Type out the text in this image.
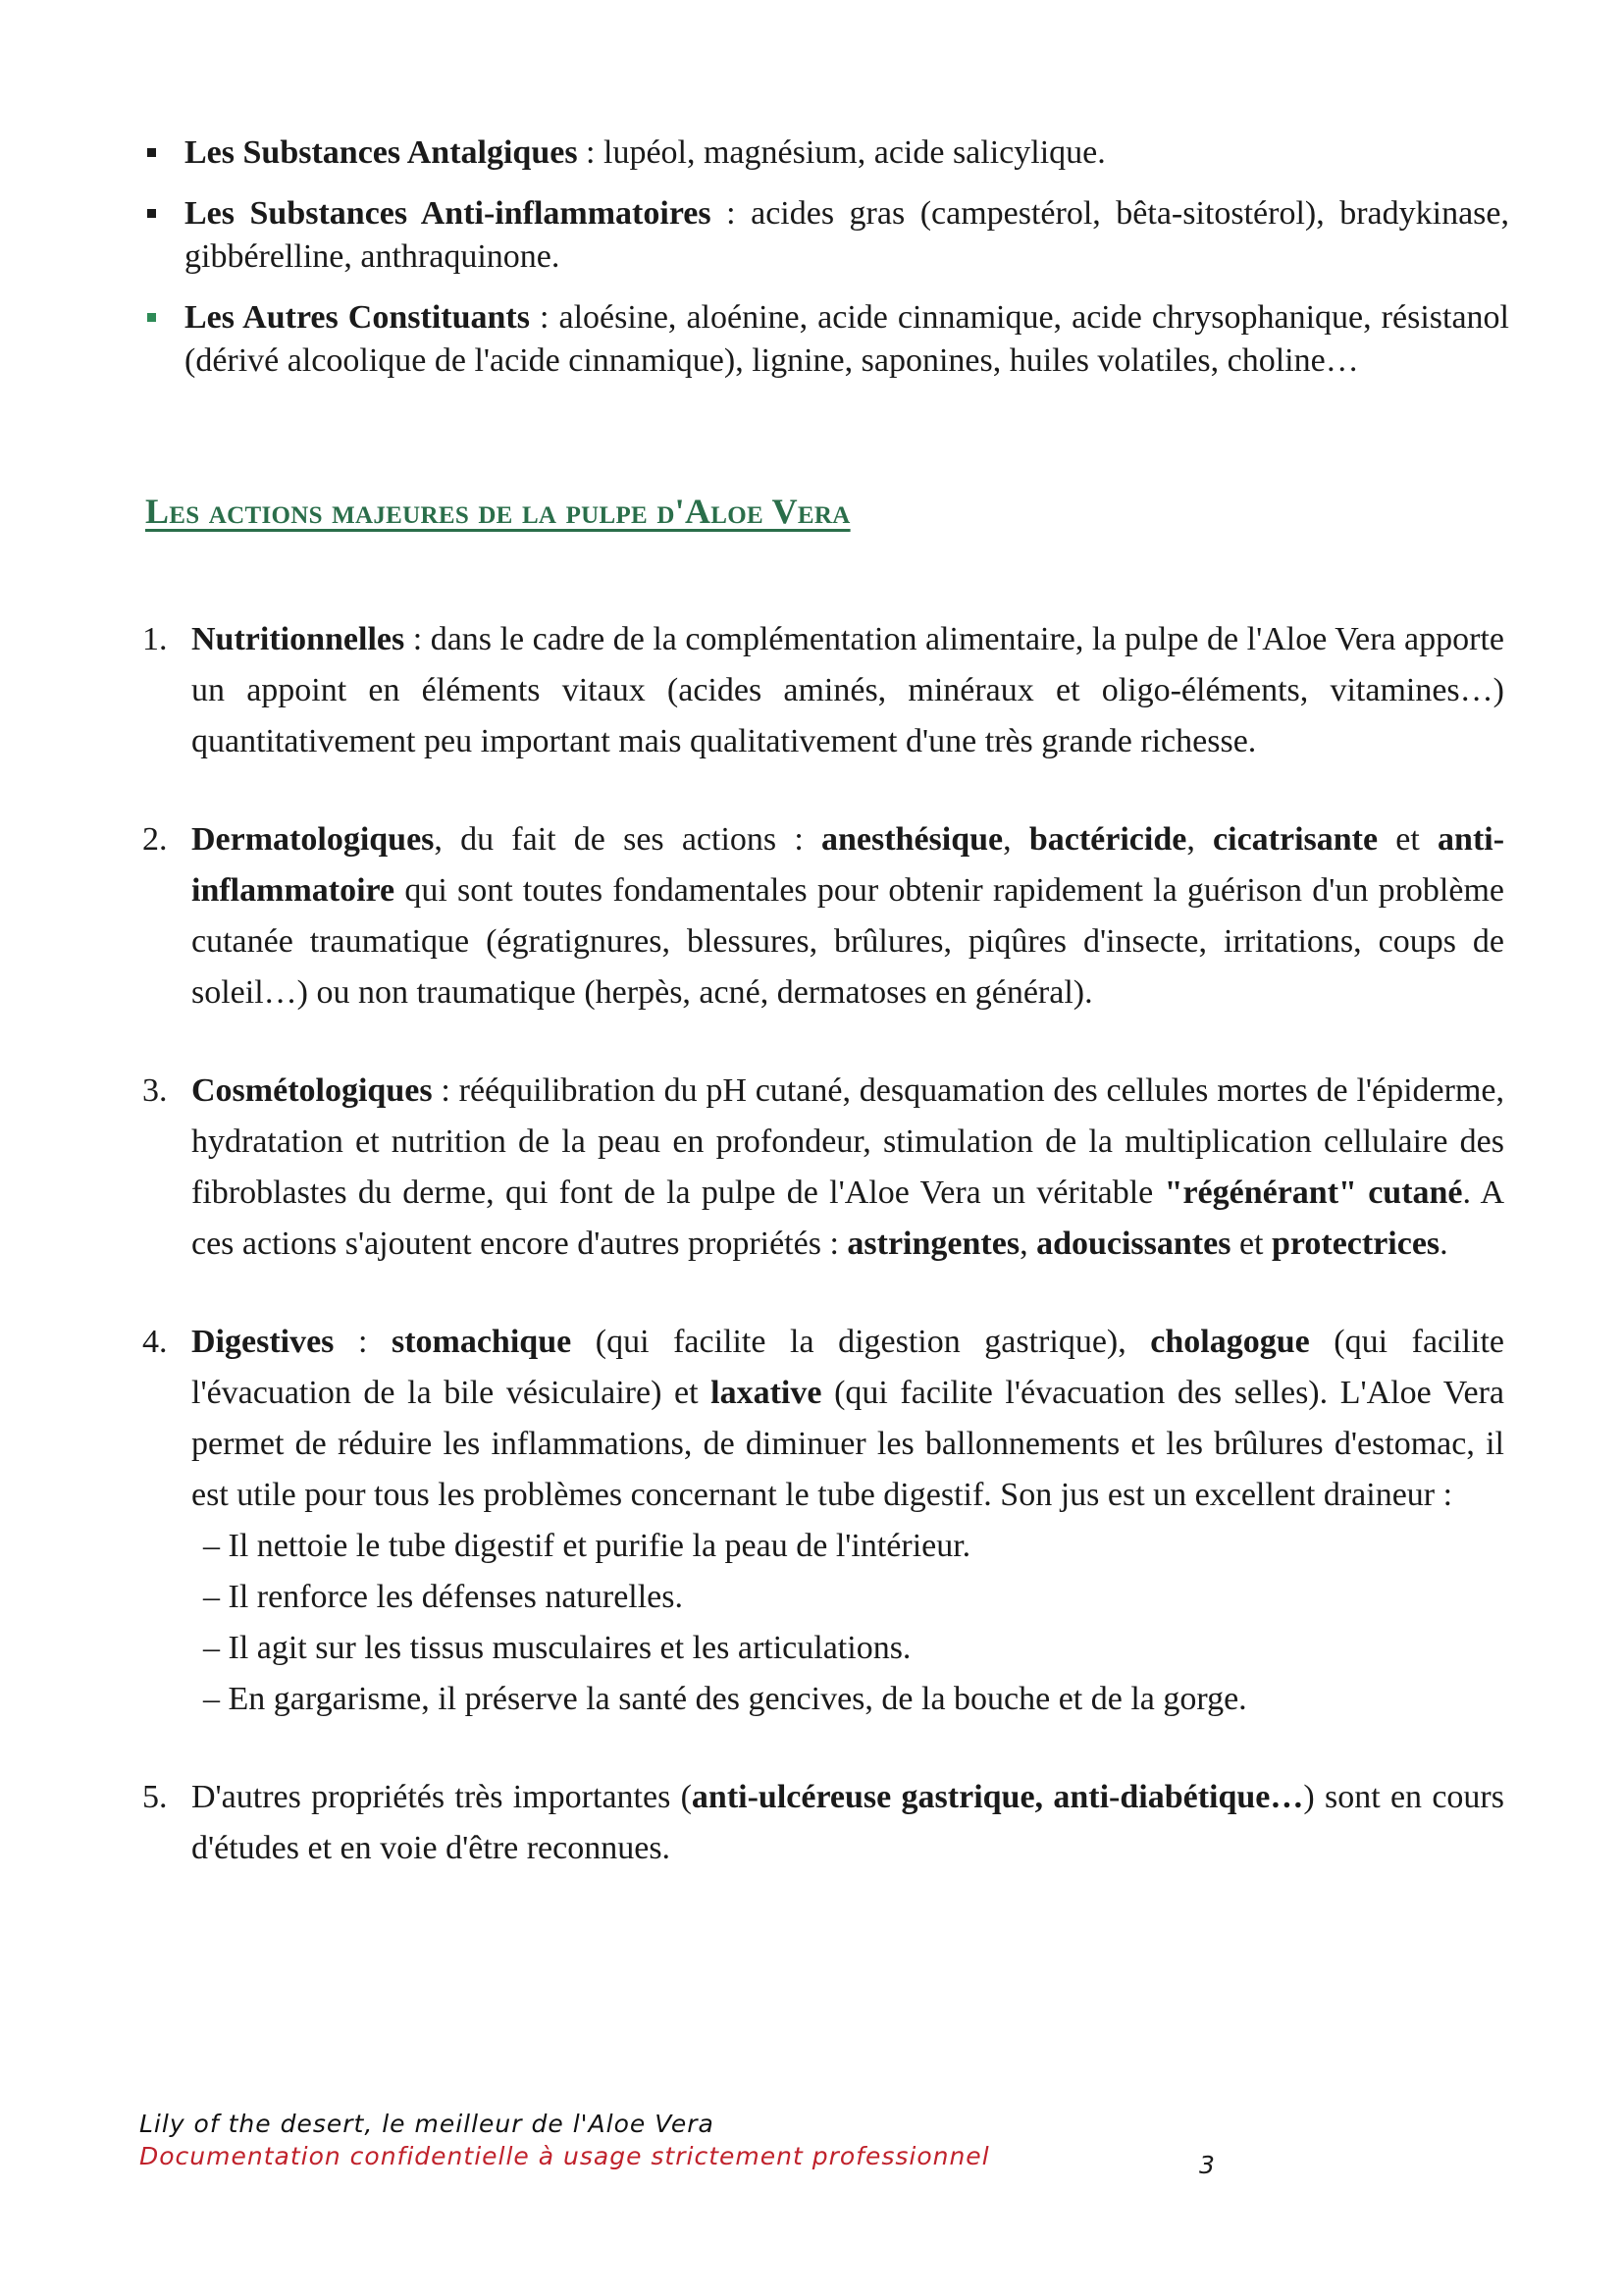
Les Substances Antalgiques : lupéol, magnésium, acide salicylique.
Les Substances Anti-inflammatoires : acides gras (campestérol, bêta-sitostérol), bradykinase, gibbérelline, anthraquinone.
Les Autres Constituants : aloésine, aloénine, acide cinnamique, acide chrysophanique, résistanol (dérivé alcoolique de l'acide cinnamique), lignine, saponines, huiles volatiles, choline…
Les actions majeures de la pulpe d'Aloe Vera
1. Nutritionnelles : dans le cadre de la complémentation alimentaire, la pulpe de l'Aloe Vera apporte un appoint en éléments vitaux (acides aminés, minéraux et oligo-éléments, vitamines…) quantitativement peu important mais qualitativement d'une très grande richesse.
2. Dermatologiques, du fait de ses actions : anesthésique, bactéricide, cicatrisante et anti-inflammatoire qui sont toutes fondamentales pour obtenir rapidement la guérison d'un problème cutanée traumatique (égratignures, blessures, brûlures, piqûres d'insecte, irritations, coups de soleil…) ou non traumatique (herpès, acné, dermatoses en général).
3. Cosmétologiques : rééquilibration du pH cutané, desquamation des cellules mortes de l'épiderme, hydratation et nutrition de la peau en profondeur, stimulation de la multiplication cellulaire des fibroblastes du derme, qui font de la pulpe de l'Aloe Vera un véritable "régénérant" cutané. A ces actions s'ajoutent encore d'autres propriétés : astringentes, adoucissantes et protectrices.
4. Digestives : stomachique (qui facilite la digestion gastrique), cholagogue (qui facilite l'évacuation de la bile vésiculaire) et laxative (qui facilite l'évacuation des selles). L'Aloe Vera permet de réduire les inflammations, de diminuer les ballonnements et les brûlures d'estomac, il est utile pour tous les problèmes concernant le tube digestif. Son jus est un excellent draineur :
– Il nettoie le tube digestif et purifie la peau de l'intérieur.
– Il renforce les défenses naturelles.
– Il agit sur les tissus musculaires et les articulations.
– En gargarisme, il préserve la santé des gencives, de la bouche et de la gorge.
5. D'autres propriétés très importantes (anti-ulcéreuse gastrique, anti-diabétique…) sont en cours d'études et en voie d'être reconnues.
Lily of the desert, le meilleur de l'Aloe Vera
Documentation confidentielle à usage strictement professionnel	3
